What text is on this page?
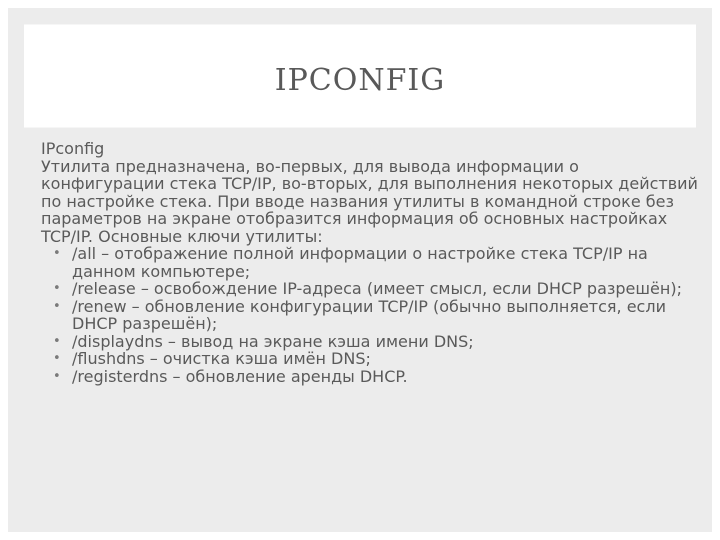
IPCONFIG

IPconfig

Утилита предназначена, во-первых, для вывода информации о конфигурации стека TCP/IP, во-вторых, для выполнения некоторых действий по настройке стека. При вводе названия утилиты в командной строке без параметров на экране отобразится информация об основных настройках TCP/IP. Основные ключи утилиты:

• /all – отображение полной информации о настройке стека TCP/IP на данном компьютере;
• /release – освобождение IP-адреса (имеет смысл, если DHCP разрешён);
• /renew – обновление конфигурации TCP/IP (обычно выполняется, если DHCP разрешён);
• /displaydns – вывод на экране кэша имени DNS;
• /flushdns – очистка кэша имён DNS;
• /registerdns – обновление аренды DHCP.
